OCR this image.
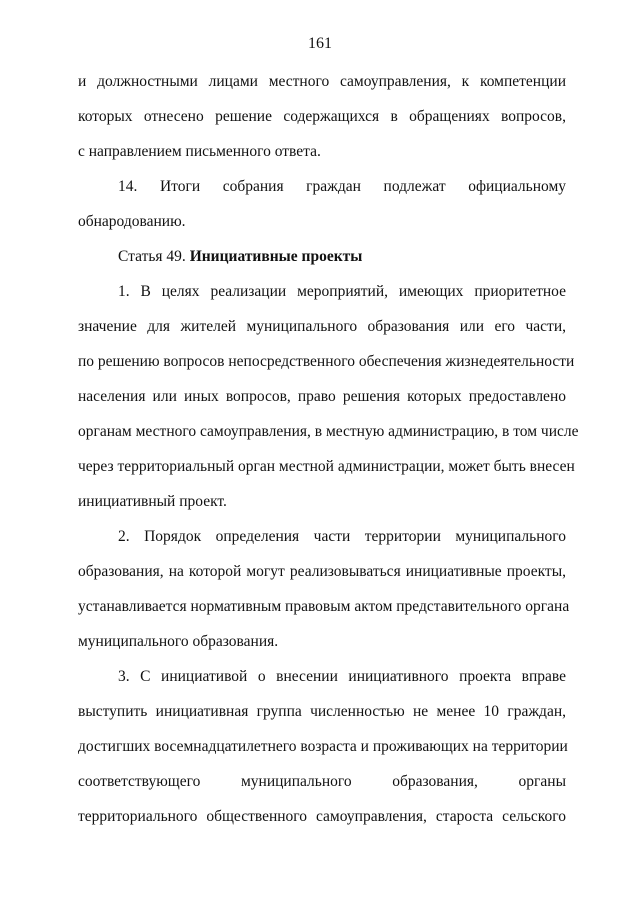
161
и должностными лицами местного самоуправления, к компетенции
которых отнесено решение содержащихся в обращениях вопросов,
с направлением письменного ответа.
14. Итоги собрания граждан подлежат официальному
обнародованию.
Статья 49. Инициативные проекты
1. В целях реализации мероприятий, имеющих приоритетное
значение для жителей муниципального образования или его части,
по решению вопросов непосредственного обеспечения жизнедеятельности
населения или иных вопросов, право решения которых предоставлено
органам местного самоуправления, в местную администрацию, в том числе
через территориальный орган местной администрации, может быть внесен
инициативный проект.
2. Порядок определения части территории муниципального
образования, на которой могут реализовываться инициативные проекты,
устанавливается нормативным правовым актом представительного органа
муниципального образования.
3. С инициативой о внесении инициативного проекта вправе
выступить инициативная группа численностью не менее 10 граждан,
достигших восемнадцатилетнего возраста и проживающих на территории
соответствующего муниципального образования, органы
территориального общественного самоуправления, староста сельского
